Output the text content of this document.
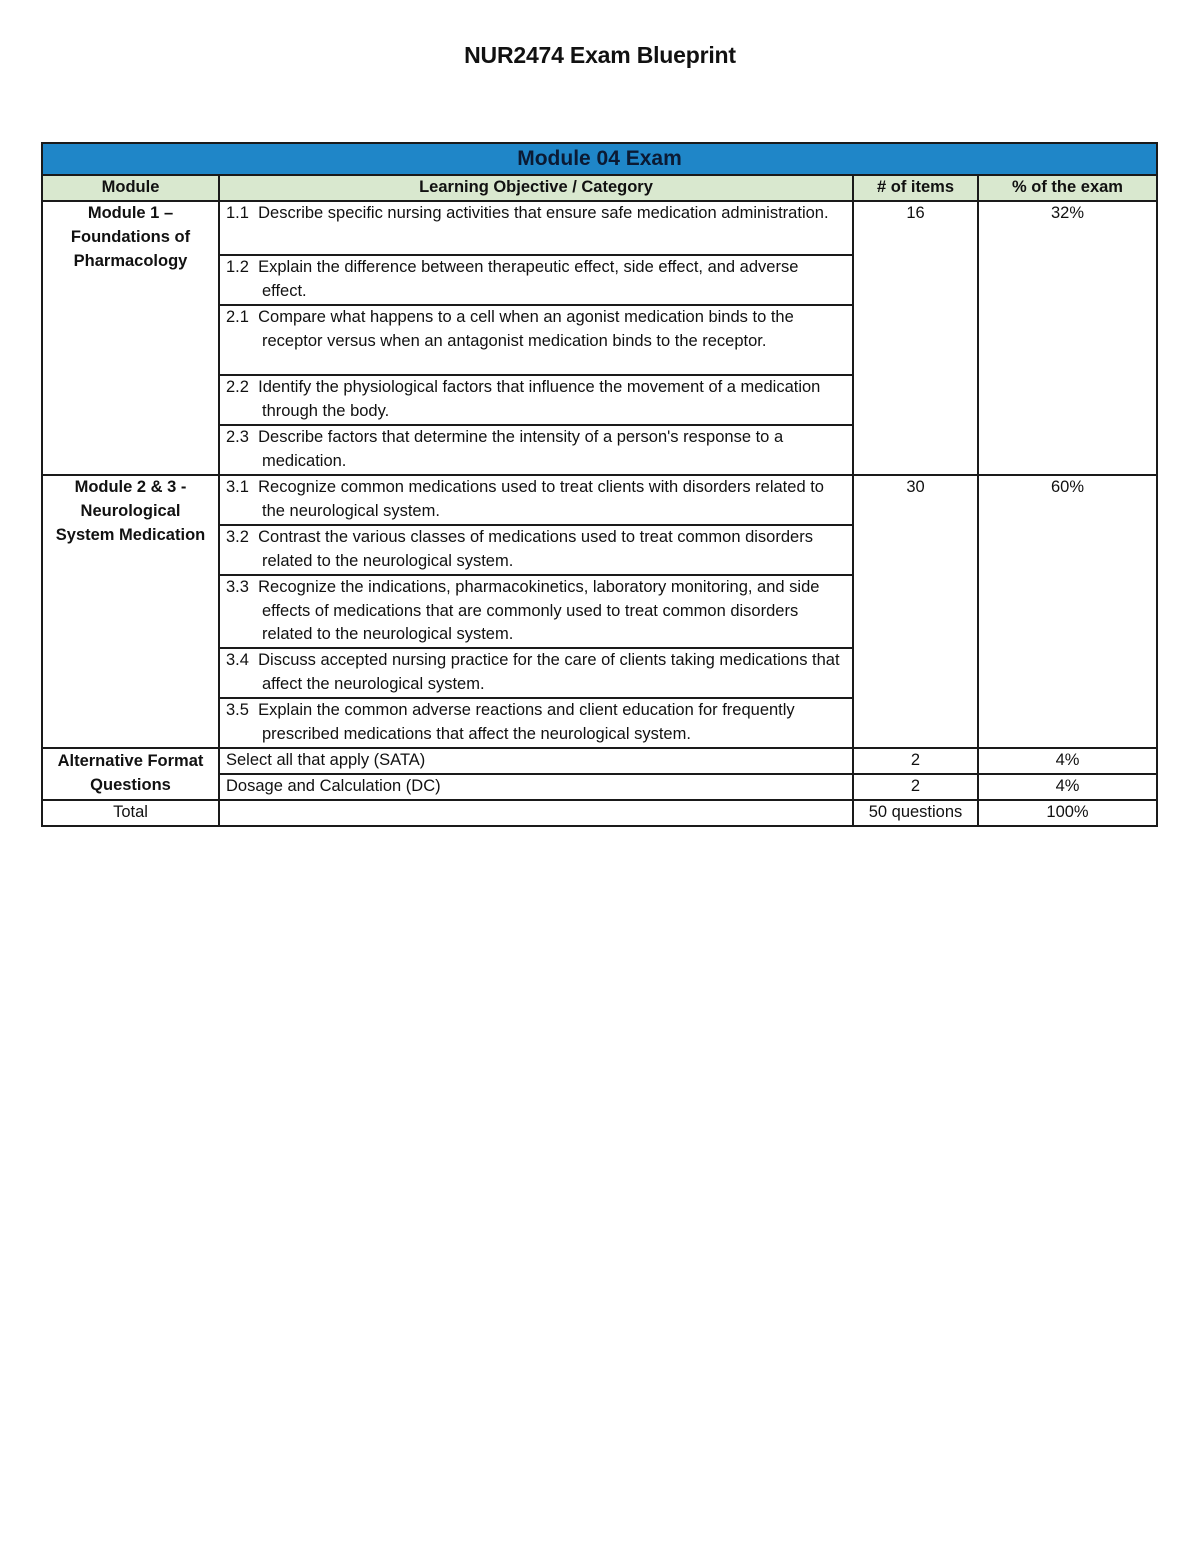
NUR2474 Exam Blueprint
Module 04 Exam			
Module	Learning Objective / Category	# of items	% of the exam
Module 1 – Foundations of Pharmacology	1.1 Describe specific nursing activities that ensure safe medication administration.	16	32%

	1.2 Explain the difference between therapeutic effect, side effect, and adverse effect.		

	2.1 Compare what happens to a cell when an agonist medication binds to the receptor versus when an antagonist medication binds to the receptor.		

	2.2 Identify the physiological factors that influence the movement of a medication through the body.		

	2.3 Describe factors that determine the intensity of a person's response to a medication.		

Module 2 & 3 - Neurological System Medication	3.1 Recognize common medications used to treat clients with disorders related to the neurological system.	30	60%

	3.2 Contrast the various classes of medications used to treat common disorders related to the neurological system.		

	3.3 Recognize the indications, pharmacokinetics, laboratory monitoring, and side effects of medications that are commonly used to treat common disorders related to the neurological system.		

	3.4 Discuss accepted nursing practice for the care of clients taking medications that affect the neurological system.		

	3.5 Explain the common adverse reactions and client education for frequently prescribed medications that affect the neurological system.		

Alternative Format Questions	Select all that apply (SATA)	2	4%
	Dosage and Calculation (DC)	2	4%
Total		50 questions	100%
